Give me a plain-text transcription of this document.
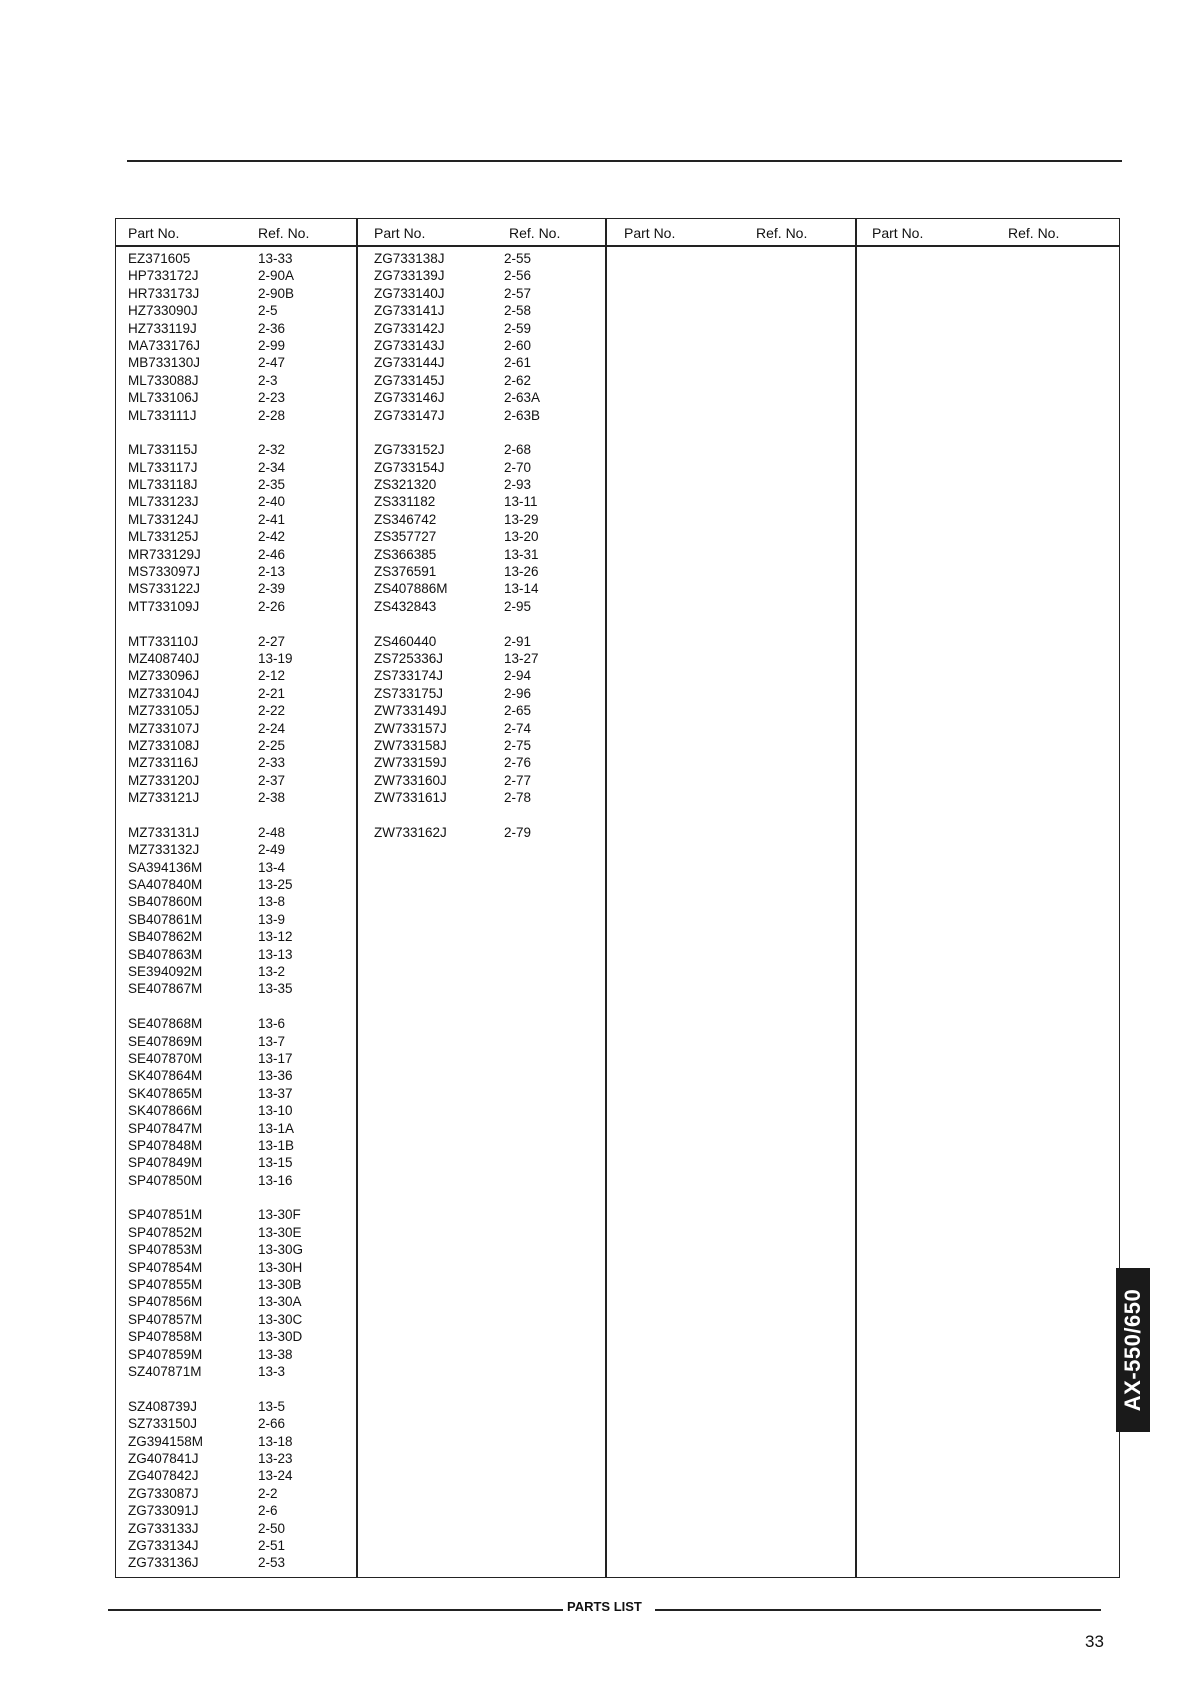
Part No.	Ref. No.	Part No.	Ref. No.	Part No.	Ref. No.	Part No.	Ref. No.
EZ371605	13-33
HP733172J	2-90A
HR733173J	2-90B
HZ733090J	2-5
HZ733119J	2-36
MA733176J	2-99
MB733130J	2-47
ML733088J	2-3
ML733106J	2-23
ML733111J	2-28
ML733115J	2-32
ML733117J	2-34
ML733118J	2-35
ML733123J	2-40
ML733124J	2-41
ML733125J	2-42
MR733129J	2-46
MS733097J	2-13
MS733122J	2-39
MT733109J	2-26
MT733110J	2-27
MZ408740J	13-19
MZ733096J	2-12
MZ733104J	2-21
MZ733105J	2-22
MZ733107J	2-24
MZ733108J	2-25
MZ733116J	2-33
MZ733120J	2-37
MZ733121J	2-38
MZ733131J	2-48
MZ733132J	2-49
SA394136M	13-4
SA407840M	13-25
SB407860M	13-8
SB407861M	13-9
SB407862M	13-12
SB407863M	13-13
SE394092M	13-2
SE407867M	13-35
SE407868M	13-6
SE407869M	13-7
SE407870M	13-17
SK407864M	13-36
SK407865M	13-37
SK407866M	13-10
SP407847M	13-1A
SP407848M	13-1B
SP407849M	13-15
SP407850M	13-16
SP407851M	13-30F
SP407852M	13-30E
SP407853M	13-30G
SP407854M	13-30H
SP407855M	13-30B
SP407856M	13-30A
SP407857M	13-30C
SP407858M	13-30D
SP407859M	13-38
SZ407871M	13-3
SZ408739J	13-5
SZ733150J	2-66
ZG394158M	13-18
ZG407841J	13-23
ZG407842J	13-24
ZG733087J	2-2
ZG733091J	2-6
ZG733133J	2-50
ZG733134J	2-51
ZG733136J	2-53
ZG733138J	2-55
ZG733139J	2-56
ZG733140J	2-57
ZG733141J	2-58
ZG733142J	2-59
ZG733143J	2-60
ZG733144J	2-61
ZG733145J	2-62
ZG733146J	2-63A
ZG733147J	2-63B
ZG733152J	2-68
ZG733154J	2-70
ZS321320	2-93
ZS331182	13-11
ZS346742	13-29
ZS357727	13-20
ZS366385	13-31
ZS376591	13-26
ZS407886M	13-14
ZS432843	2-95
ZS460440	2-91
ZS725336J	13-27
ZS733174J	2-94
ZS733175J	2-96
ZW733149J	2-65
ZW733157J	2-74
ZW733158J	2-75
ZW733159J	2-76
ZW733160J	2-77
ZW733161J	2-78
ZW733162J	2-79
AX-550/650
PARTS LIST
33
